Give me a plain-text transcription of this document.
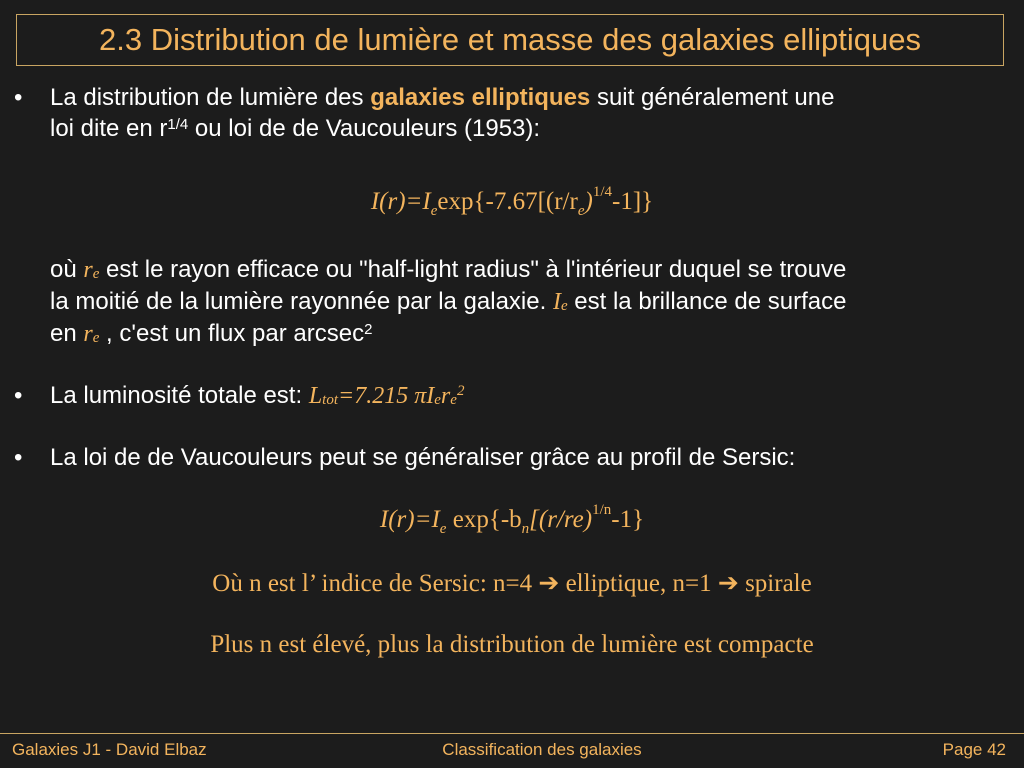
2.3 Distribution de lumière et masse des galaxies elliptiques
• La distribution de lumière des galaxies elliptiques suit généralement une
loi dite en $r^{1/4}$ ou loi de de Vaucouleurs (1953):
$I(r)=I_e\exp\{-7.67[(r/r_e)^{1/4}-1]\}$
où $r_e$ est le rayon efficace ou "half-light radius" à l'intérieur duquel se trouve
la moitié de la lumière rayonnée par la galaxie. $I_e$ est la brillance de surface
en $r_e$ , c'est un flux par arcsec$^2$
• La luminosité totale est: $L_{tot}=7.215$ $\pi I_er_e^2$
• La loi de de Vaucouleurs peut se généraliser grâce au profil de Sersic:
$I(r)=I_e$ $\exp\{-b_n[(r/re)^{1/n}-1\}$
Où n est l’ indice de Sersic: n=4 ➔ elliptique, n=1 ➔ spirale
Plus n est élevé, plus la distribution de lumière est compacte
Galaxies J1 - David Elbaz	Classification des galaxies	Page 42
